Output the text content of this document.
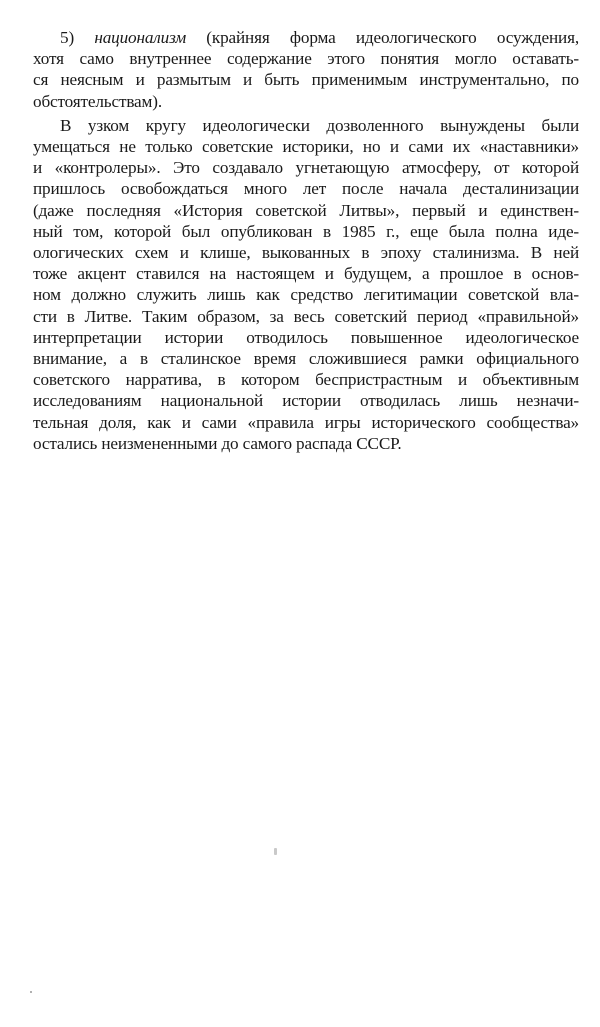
5) национализм (крайняя форма идеологического осуждения,
хотя само внутреннее содержание этого понятия могло оставать-
ся неясным и размытым и быть применимым инструментально, по
обстоятельствам).

В узком кругу идеологически дозволенного вынуждены были
умещаться не только советские историки, но и сами их «наставники»
и «контролеры». Это создавало угнетающую атмосферу, от которой
пришлось освобождаться много лет после начала десталинизации
(даже последняя «История советской Литвы», первый и единствен-
ный том, которой был опубликован в 1985 г., еще была полна иде-
ологических схем и клише, выкованных в эпоху сталинизма. В ней
тоже акцент ставился на настоящем и будущем, а прошлое в основ-
ном должно служить лишь как средство легитимации советской вла-
сти в Литве. Таким образом, за весь советский период «правильной»
интерпретации истории отводилось повышенное идеологическое
внимание, а в сталинское время сложившиеся рамки официального
советского нарратива, в котором беспристрастным и объективным
исследованиям национальной истории отводилась лишь незначи-
тельная доля, как и сами «правила игры исторического сообщества»
остались неизмененными до самого распада СССР.
